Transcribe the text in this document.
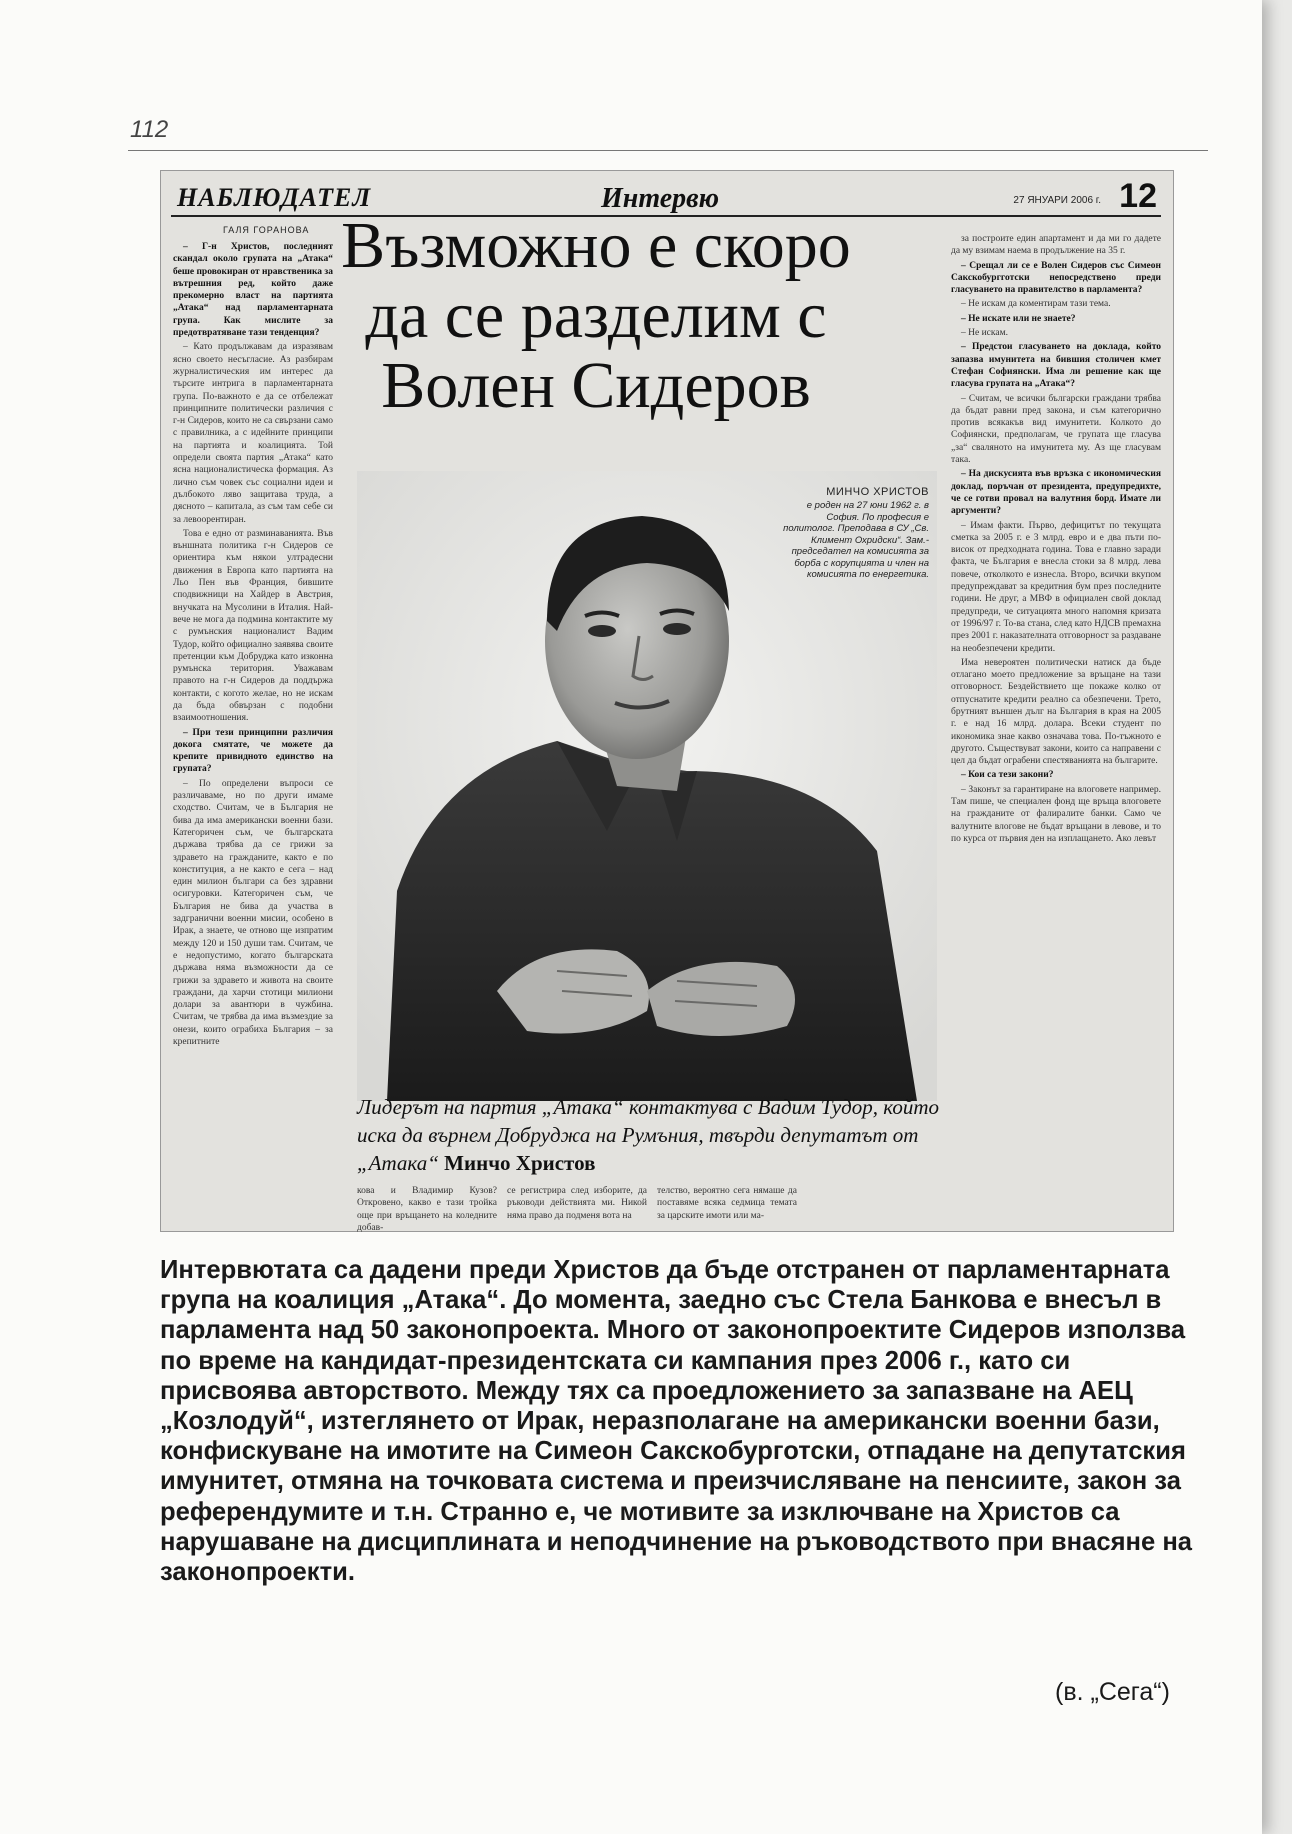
112
НАБЛЮДАТЕЛ	Интервю	27 ЯНУАРИ 2006 г. 12
ГАЛЯ ГОРАНОВА

– Г-н Христов, последният скандал около групата на „Атака“ беше провокиран от нравственика за вътрешния ред, който даже прекомерно власт на партията „Атака“ над парламентарната група. Как мислите за предотвратяване тази тенденция?

– Като продължавам да изразявам ясно своето несъгласие. Аз разбирам журналистическия им интерес да търсите интрига в парламентарната група. По-важното е да се отбележат принципните политически различия с г-н Сидеров, които не са свързани само с правилника, а с идейните принципи на партията и коалицията. Той определи своята партия „Атака“ като ясна националистическа формация. Аз лично съм човек със социални идеи и дълбокото ляво защитава труда, а дясното – капитала, аз съм там себе си за левоорентиран.

Това е едно от разминаванията. Във външната политика г-н Сидеров се ориентира към някои ултрадесни движения в Европа като партията на Льо Пен във Франция, бившите сподвижници на Хайдер в Австрия, внучката на Мусолини в Италия. Най-вече не мога да подмина контактите му с румънския националист Вадим Тудор, който официално заявява своите претенции към Добруджа като изконна румънска територия. Уважавам правото на г-н Сидеров да поддържа контакти, с когото желае, но не искам да бъда обвързан с подобни взаимоотношения.

– При тези принципни различия докога смятате, че можете да крепите привидното единство на групата?

– По определени въпроси се различаваме, но по други имаме сходство. Считам, че в България не бива да има американски военни бази. Категоричен съм, че българската държава трябва да се грижи за здравето на гражданите, както е по конституция, а не както е сега – над един милион българи са без здравни осигуровки. Категоричен съм, че България не бива да участва в задгранични военни мисии, особено в Ирак, а знаете, че отново ще изпратим между 120 и 150 души там. Считам, че е недопустимо, когато българската държава няма възможности да се грижи за здравето и живота на своите граждани, да харчи стотици милиони долари за авантюри в чужбина. Считам, че трябва да има възмездие за онези, които ограбиха България – за крепитните

Възможно е скоро
да се разделим с
Волен Сидеров
МИНЧО ХРИСТОВ
е роден на 27 юни 1962 г. в София. По професия е политолог. Преподава в СУ „Св. Климент Охридски“. Зам.-председател на комисията за борба с корупцията и член на комисията по енергетика.
Лидерът на партия „Атака“ контактува с Вадим Тудор, който иска да върнем Добруджа на Румъния, твърди депутатът от „Атака“ Минчо Христов

за построите един апартамент и да ми го дадете да му взимам наема в продължение на 35 г.

– Срещал ли се е Волен Сидеров със Симеон Сакскобургготски непосредствено преди гласуването на правителство в парламента?

– Не искам да коментирам тази тема.

– Не искате или не знаете?

– Не искам.

– Предстои гласуването на доклада, който запазва имунитета на бившия столичен кмет Стефан Софиянски. Има ли решение как ще гласува групата на „Атака“?

– Считам, че всички български граждани трябва да бъдат равни пред закона, и съм категорично против всякакъв вид имунитети. Колкото до Софиянски, предполагам, че групата ще гласува „за“ сваляното на имунитета му. Аз ще гласувам така.

– На дискусията във връзка с икономическия доклад, поръчан от президента, предупредихте, че се готви провал на валутния борд. Имате ли аргументи?

– Имам факти. Първо, дефицитът по текущата сметка за 2005 г. е 3 млрд. евро и е два пъти по-висок от предходната година. Това е главно заради факта, че България е внесла стоки за 8 млрд. лева повече, отколкото е изнесла. Второ, всички вкупом предупреждават за кредитния бум през последните години. Не друг, а МВФ в официален свой доклад предупреди, че ситуацията много напомня кризата от 1996/97 г. То-ва стана, след като НДСВ премахна през 2001 г. наказателната отговорност за раздаване на необезпечени кредити.

Има невероятен политически натиск да бъде отлагано моето предложение за връщане на тази отговорност. Бездействието ще покаже колко от отпуснатите кредити реално са обезпечени. Трето, брутният външен дълг на България в края на 2005 г. е над 16 млрд. долара. Всеки студент по икономика знае какво означава това. По-тъжното е другото. Съществуват закони, които са направени с цел да бъдат ограбени спестяванията на българите.

– Кои са тези закони?

– Законът за гарантиране на влоговете например. Там пише, че специален фонд ще връща влоговете на гражданите от фалиралите банки. Само че валутните влогове не бъдат връщани в левове, и то по курса от първия ден на изплащането. Ако левът

кова и Владимир Кузов? Откровено, какво е тази тройка още при връщането на коледните добав-
се регистрира след изборите, да ръководи действията ми. Никой няма право да подменя вота на
телство, вероятно сега нямаше да поставяме всяка седмица темата за царските имоти или ма-
Интервютата са дадени преди Христов да бъде отстранен от парламентарната група на коалиция „Атака“. До момента, заедно със Стела Банкова е внесъл в парламента над 50 законопроекта. Много от законопроектите Сидеров използва по време на кандидат-президентската си кампания през 2006 г., като си присвоява авторството. Между тях са проедложението за запазване на АЕЦ „Козлодуй“, изтеглянето от Ирак, неразполагане на американски военни бази, конфискуване на имотите на Симеон Сакскобурготски, отпадане на депутатския имунитет, отмяна на точковата система и преизчисляване на пенсиите, закон за референдумите и т.н. Странно е, че мотивите за изключване на Христов са нарушаване на дисциплината и неподчинение на ръководството при внасяне на законопроекти.
(в. „Сега“)
